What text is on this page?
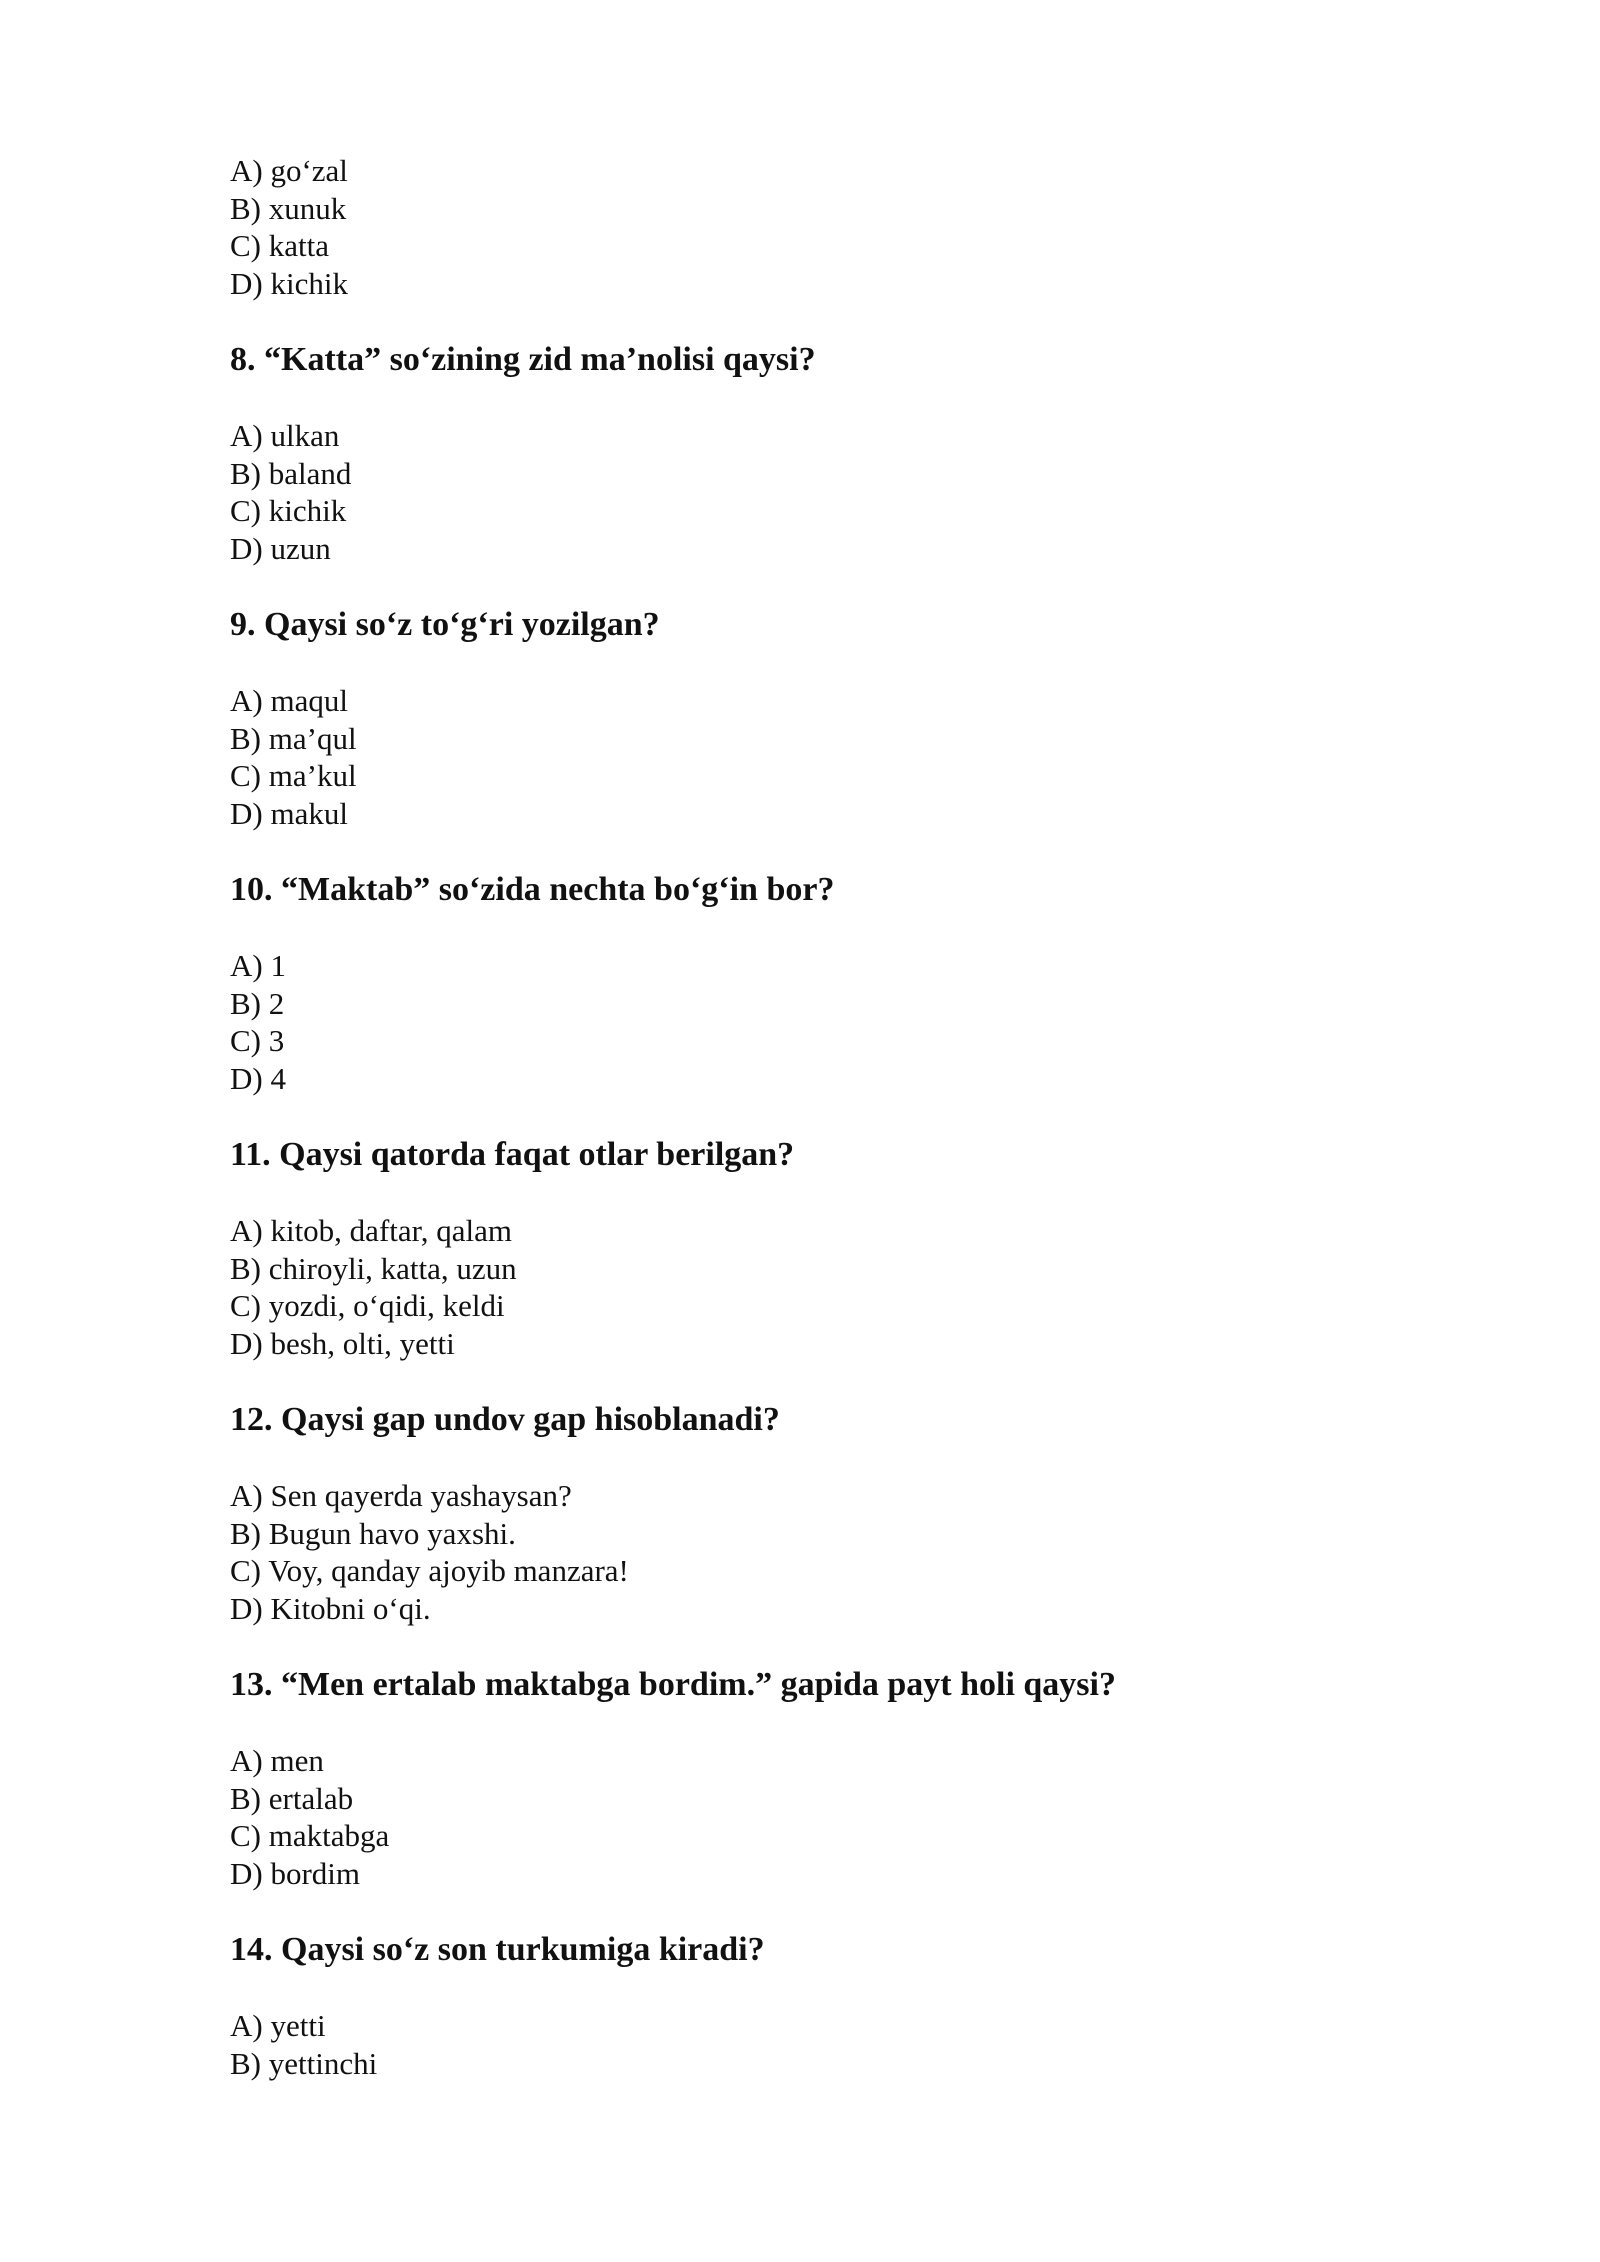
A) go‘zal
B) xunuk
C) katta
D) kichik
8. “Katta” so‘zining zid ma’nolisi qaysi?
A) ulkan
B) baland
C) kichik
D) uzun
9. Qaysi so‘z to‘g‘ri yozilgan?
A) maqul
B) ma’qul
C) ma’kul
D) makul
10. “Maktab” so‘zida nechta bo‘g‘in bor?
A) 1
B) 2
C) 3
D) 4
11. Qaysi qatorda faqat otlar berilgan?
A) kitob, daftar, qalam
B) chiroyli, katta, uzun
C) yozdi, o‘qidi, keldi
D) besh, olti, yetti
12. Qaysi gap undov gap hisoblanadi?
A) Sen qayerda yashaysan?
B) Bugun havo yaxshi.
C) Voy, qanday ajoyib manzara!
D) Kitobni o‘qi.
13. “Men ertalab maktabga bordim.” gapida payt holi qaysi?
A) men
B) ertalab
C) maktabga
D) bordim
14. Qaysi so‘z son turkumiga kiradi?
A) yetti
B) yettinchi
